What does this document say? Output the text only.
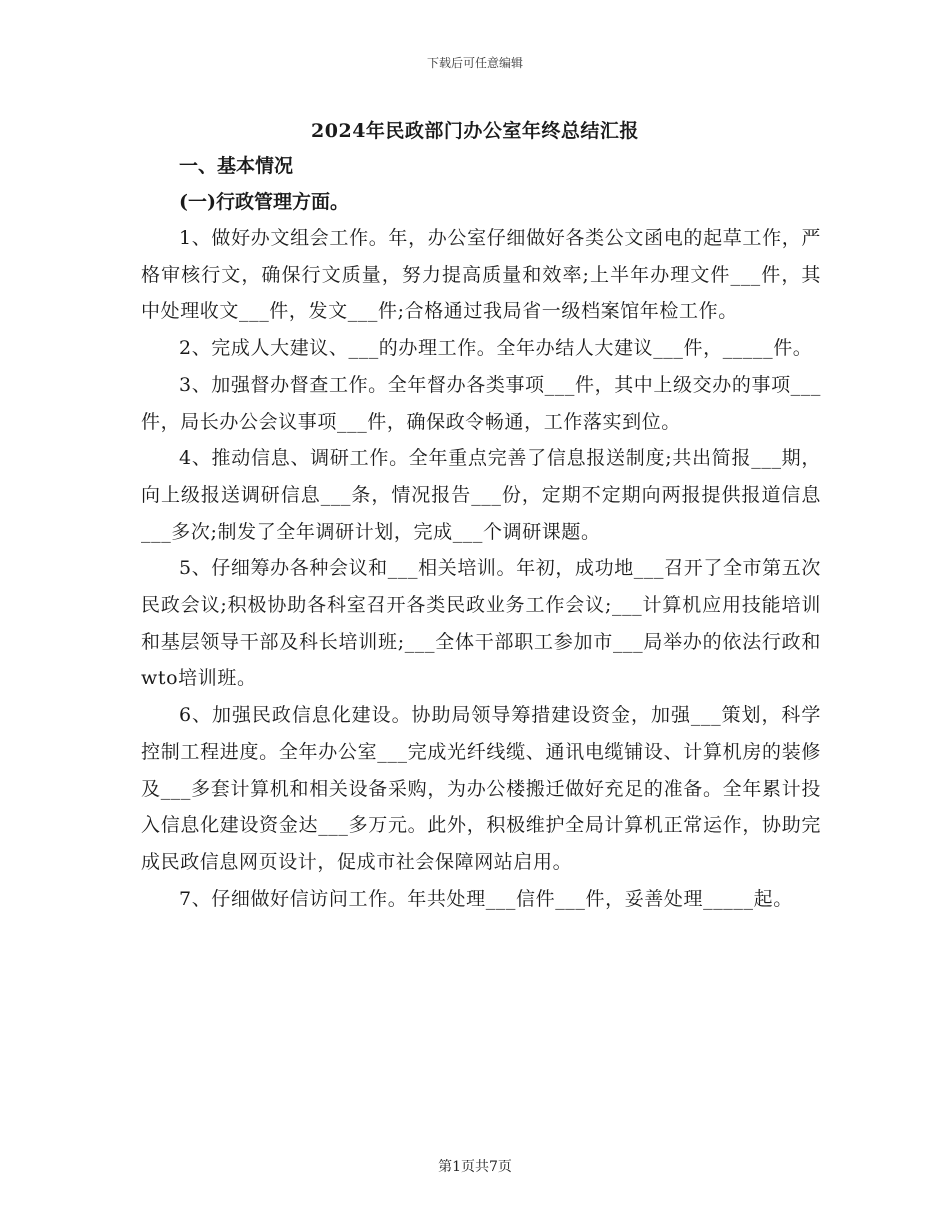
下载后可任意编辑
2024年民政部门办公室年终总结汇报

一、基本情况

(一)行政管理方面。

1、做好办文组会工作。年，办公室仔细做好各类公文函电的起草工作，严格审核行文，确保行文质量，努力提高质量和效率;上半年办理文件___件，其中处理收文___件，发文___件;合格通过我局省一级档案馆年检工作。

2、完成人大建议、___的办理工作。全年办结人大建议___件，_____件。

3、加强督办督查工作。全年督办各类事项___件，其中上级交办的事项___件，局长办公会议事项___件，确保政令畅通，工作落实到位。

4、推动信息、调研工作。全年重点完善了信息报送制度;共出简报___期，向上级报送调研信息___条，情况报告___份，定期不定期向两报提供报道信息___多次;制发了全年调研计划，完成___个调研课题。

5、仔细筹办各种会议和___相关培训。年初，成功地___召开了全市第五次民政会议;积极协助各科室召开各类民政业务工作会议;___计算机应用技能培训和基层领导干部及科长培训班;___全体干部职工参加市___局举办的依法行政和wto培训班。

6、加强民政信息化建设。协助局领导筹措建设资金，加强___策划，科学控制工程进度。全年办公室___完成光纤线缆、通讯电缆铺设、计算机房的装修及___多套计算机和相关设备采购，为办公楼搬迁做好充足的准备。全年累计投入信息化建设资金达___多万元。此外，积极维护全局计算机正常运作，协助完成民政信息网页设计，促成市社会保障网站启用。

7、仔细做好信访问工作。年共处理___信件___件，妥善处理_____起。

第1页共7页
